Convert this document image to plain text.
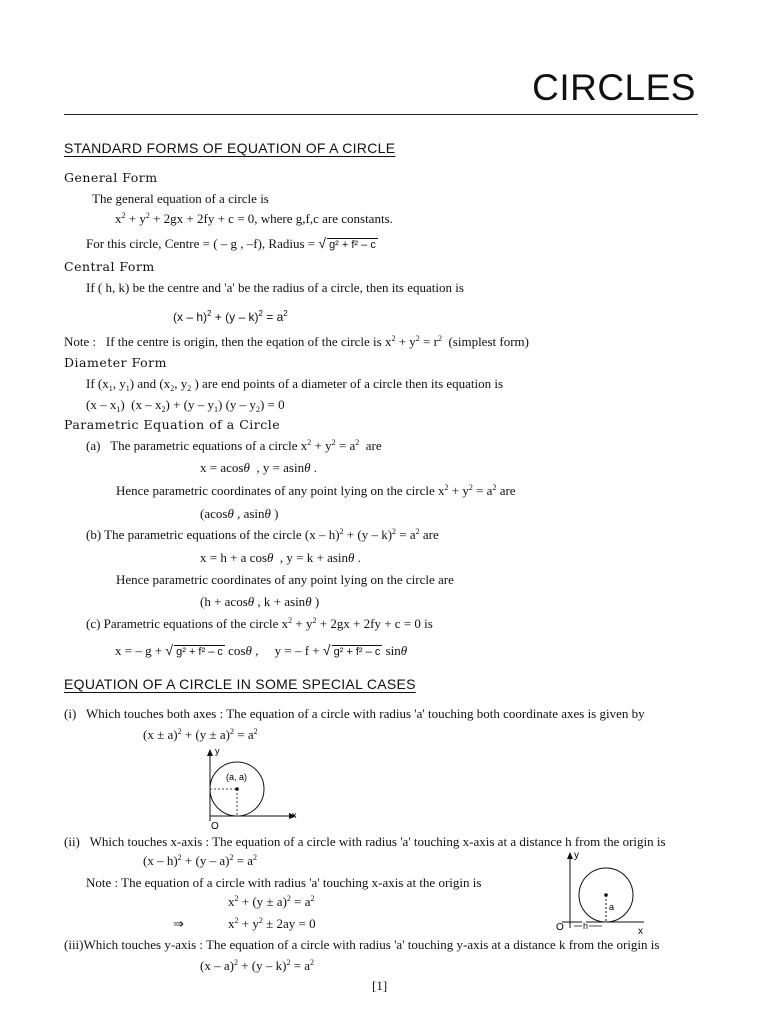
CIRCLES
STANDARD FORMS OF EQUATION OF A CIRCLE
General Form
The general equation of a circle is
$x^2 + y^2 + 2gx + 2fy + c = 0$, where g,f,c are constants.
For this circle, Centre = ( – g , –f), Radius = √ g² + f² – c
Central Form
If ( h, k) be the centre and 'a' be the radius of a circle, then its equation is
$(x - h)^2 + (y - k)^2 = a^2$
Note : If the centre is origin, then the eqation of the circle is $x^2 + y^2 = r^2$ (simplest form)
Diameter Form
If ($x_1$, $y_1$) and ($x_2$, $y_2$ ) are end points of a diameter of a circle then its equation is
$(x - x_1)$  $(x - x_2) + (y - y_1)$ $(y - y_2) = 0$
Parametric Equation of a Circle
(a) The parametric equations of a circle $x^2 + y^2 = a^2$ are
x = acosθ  , y = asinθ .
Hence parametric coordinates of any point lying on the circle $x^2 + y^2 = a^2$ are
(acosθ , asinθ )
(b) The parametric equations of the circle $(x - h)^2 + (y - k)^2 = a^2$ are
x = h + a cosθ  , y = k + asinθ .
Hence parametric coordinates of any point lying on the circle are
(h + acosθ , k + asinθ )
(c) Parametric equations of the circle $x^2 + y^2 + 2gx + 2fy + c = 0$ is
x = – g + √ g² + f² – c cosθ ,     y = – f + √ g² + f² – c sinθ
EQUATION OF A CIRCLE IN SOME SPECIAL CASES
(i) Which touches both axes : The equation of a circle with radius 'a' touching both coordinate axes is given by
$(x \pm a)^2 + (y \pm a)^2 = a^2$
y
x
O
(a, a)
(ii) Which touches x-axis : The equation of a circle with radius 'a' touching x-axis at a distance h from the origin is
$(x - h)^2 + (y - a)^2 = a^2$
Note : The equation of a circle with radius 'a' touching x-axis at the origin is
$x^2 + (y \pm a)^2 = a^2$
⇒	$x^2 + y^2 \pm 2ay = 0$
y
O h
a
x
(iii)Which touches y-axis : The equation of a circle with radius 'a' touching y-axis at a distance k from the origin is
$(x - a)^2 + (y - k)^2 = a^2$
[1]
